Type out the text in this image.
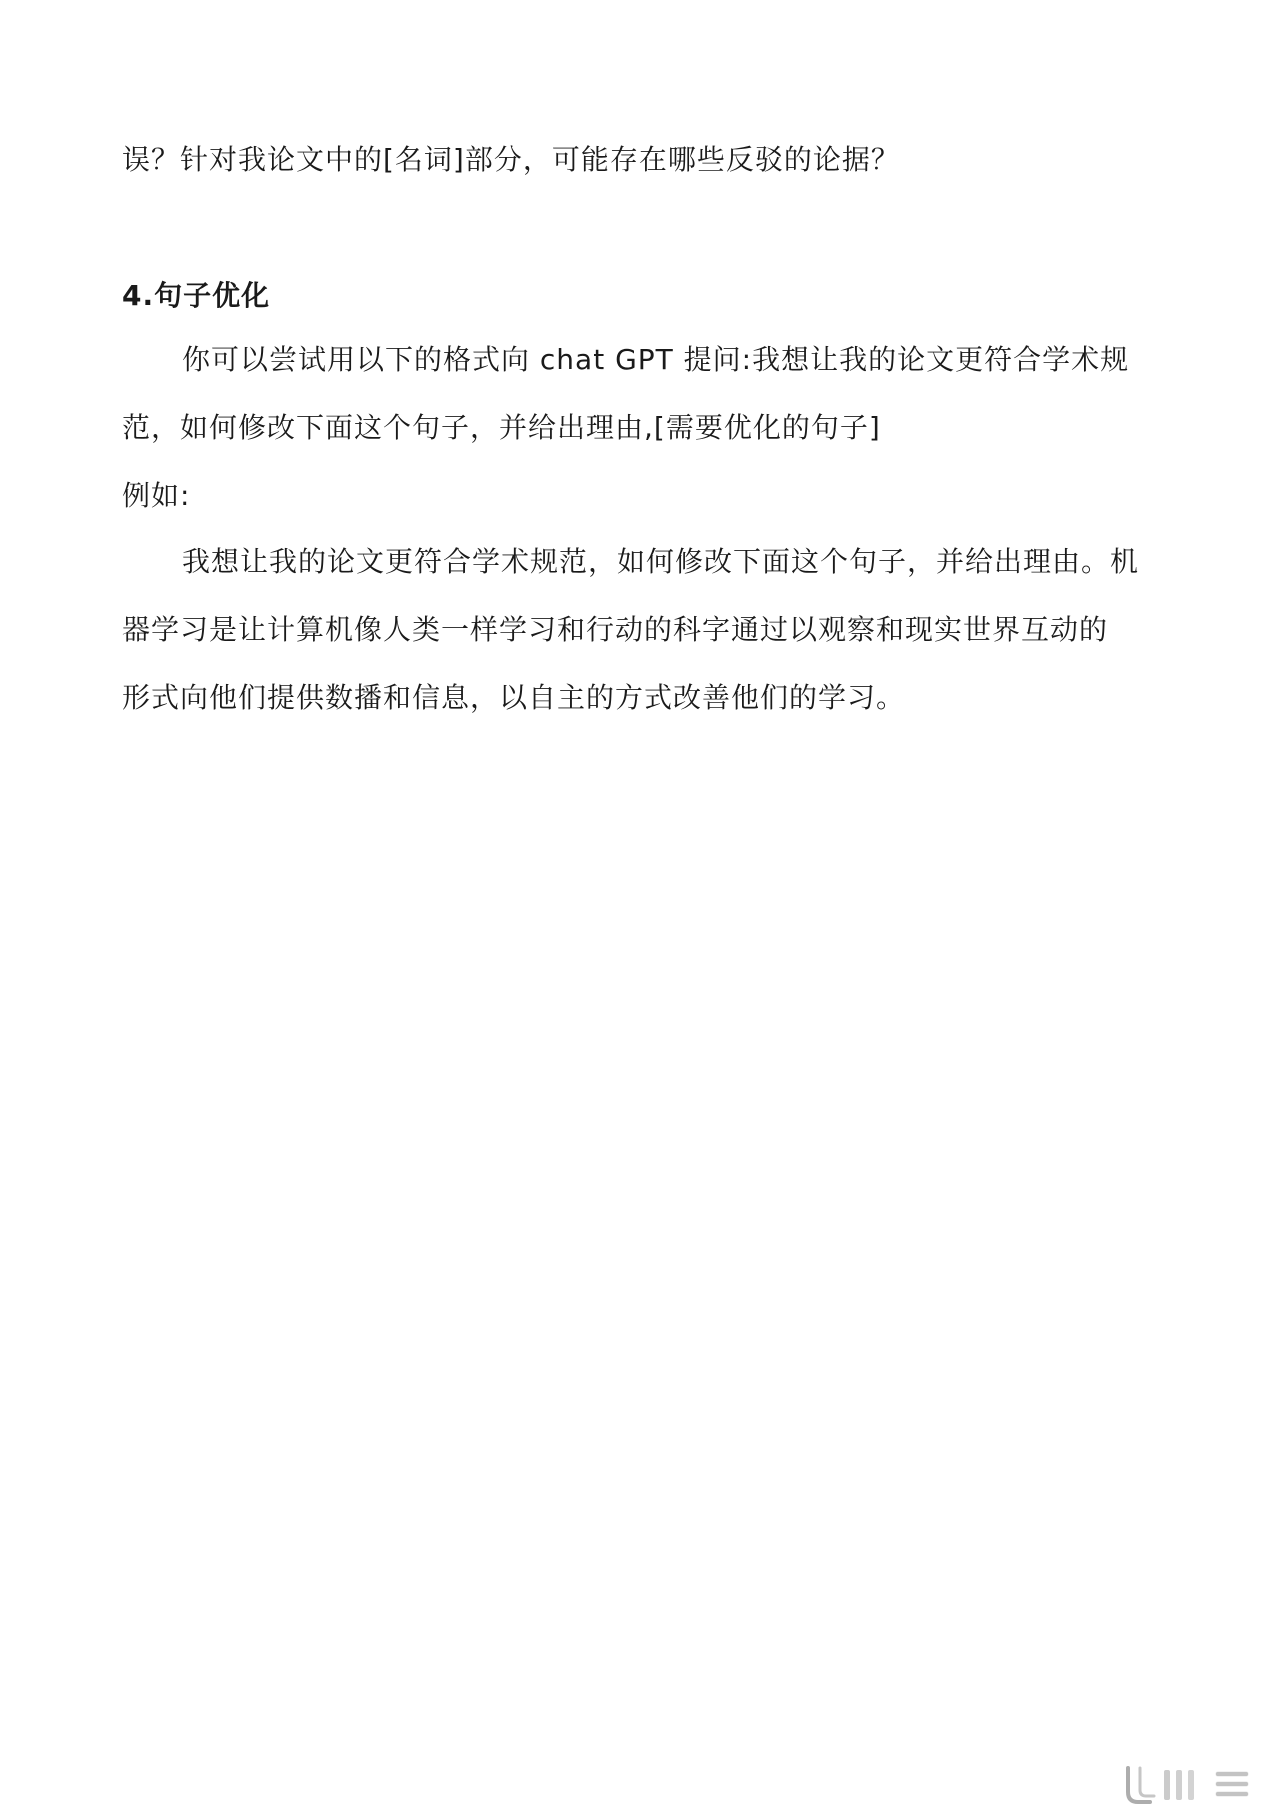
误？针对我论文中的[名词]部分，可能存在哪些反驳的论据？
4.句子优化
你可以尝试用以下的格式向 chat GPT 提问:我想让我的论文更符合学术规
范，如何修改下面这个句子，并给出理由,[需要优化的句子]
例如:
我想让我的论文更符合学术规范，如何修改下面这个句子，并给出理由。机
器学习是让计算机像人类一样学习和行动的科字通过以观察和现实世界互动的
形式向他们提供数播和信息，以自主的方式改善他们的学习。
